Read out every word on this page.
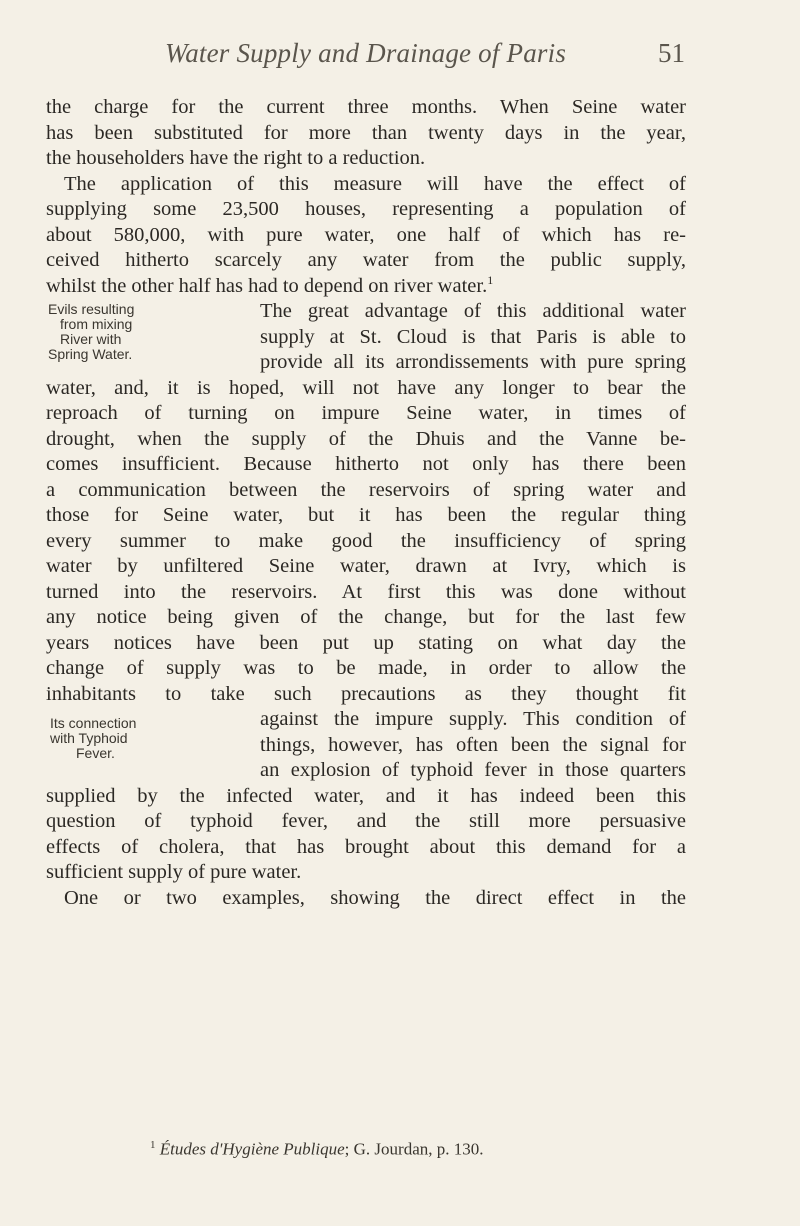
Water Supply and Drainage of Paris	51
the charge for the current three months. When Seine water
has been substituted for more than twenty days in the year,
the householders have the right to a reduction.
The application of this measure will have the effect of
supplying some 23,500 houses, representing a population of
about 580,000, with pure water, one half of which has re-
ceived hitherto scarcely any water from the public supply,
whilst the other half has had to depend on river water.$^1$
The great advantage of this additional water
supply at St. Cloud is that Paris is able to
provide all its arrondissements with pure spring
water, and, it is hoped, will not have any longer to bear the
reproach of turning on impure Seine water, in times of
drought, when the supply of the Dhuis and the Vanne be-
comes insufficient. Because hitherto not only has there been
a communication between the reservoirs of spring water and
those for Seine water, but it has been the regular thing
every summer to make good the insufficiency of spring
water by unfiltered Seine water, drawn at Ivry, which is
turned into the reservoirs. At first this was done without
any notice being given of the change, but for the last few
years notices have been put up stating on what day the
change of supply was to be made, in order to allow the
inhabitants to take such precautions as they thought fit
against the impure supply. This condition of
things, however, has often been the signal for
an explosion of typhoid fever in those quarters
supplied by the infected water, and it has indeed been this
question of typhoid fever, and the still more persuasive
effects of cholera, that has brought about this demand for a
sufficient supply of pure water.
One or two examples, showing the direct effect in the
Evils resulting
from mixing
River with
Spring Water.
Its connection
with Typhoid
Fever.
$^1$ Études d'Hygiène Publique; G. Jourdan, p. 130.
